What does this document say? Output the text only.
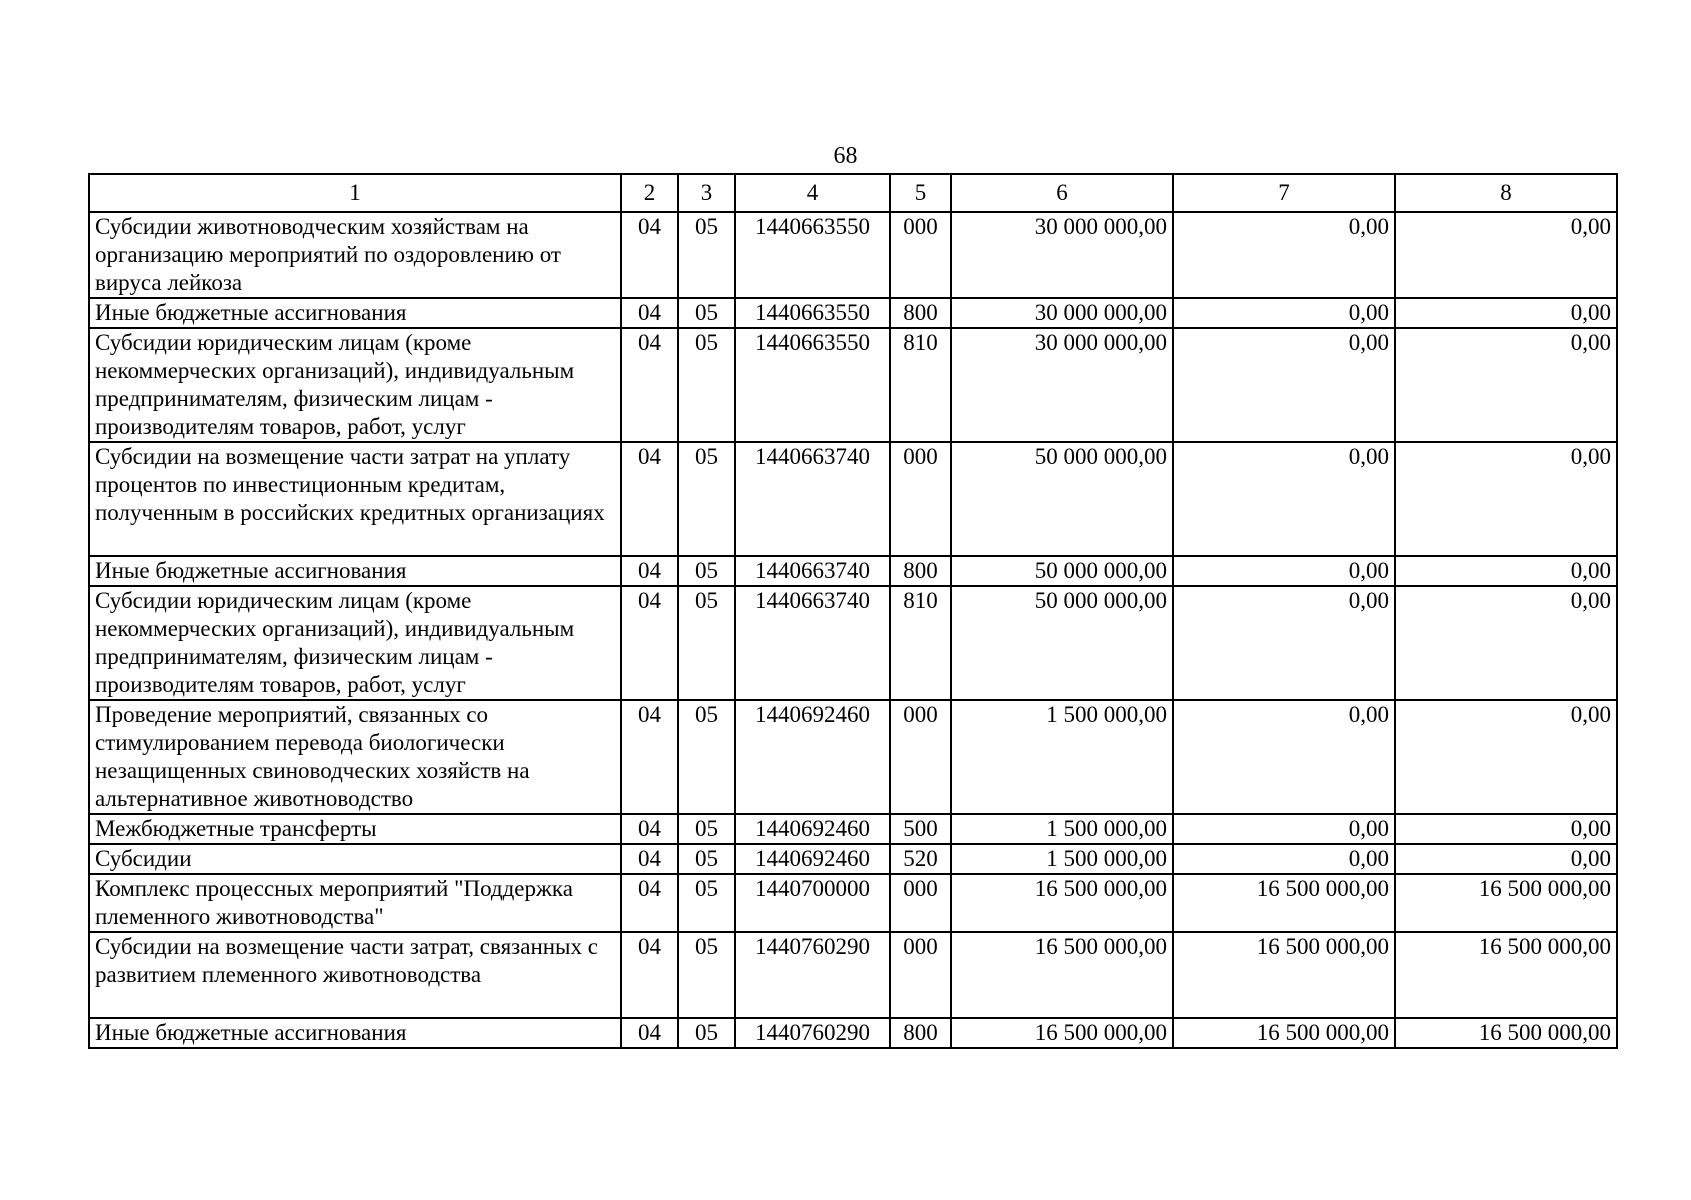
68
1	2	3	4	5	6	7	8
Субсидии животноводческим хозяйствам на организацию мероприятий по оздоровлению от вируса лейкоза	04	05	1440663550	000	30 000 000,00	0,00	0,00
Иные бюджетные ассигнования	04	05	1440663550	800	30 000 000,00	0,00	0,00
Субсидии юридическим лицам (кроме некоммерческих организаций), индивидуальным предпринимателям, физическим лицам - производителям товаров, работ, услуг	04	05	1440663550	810	30 000 000,00	0,00	0,00
Субсидии на возмещение части затрат на уплату процентов по инвестиционным кредитам, полученным в российских кредитных организациях	04	05	1440663740	000	50 000 000,00	0,00	0,00
Иные бюджетные ассигнования	04	05	1440663740	800	50 000 000,00	0,00	0,00
Субсидии юридическим лицам (кроме некоммерческих организаций), индивидуальным предпринимателям, физическим лицам - производителям товаров, работ, услуг	04	05	1440663740	810	50 000 000,00	0,00	0,00
Проведение мероприятий, связанных со стимулированием перевода биологически незащищенных свиноводческих хозяйств на альтернативное животноводство	04	05	1440692460	000	1 500 000,00	0,00	0,00
Межбюджетные трансферты	04	05	1440692460	500	1 500 000,00	0,00	0,00
Субсидии	04	05	1440692460	520	1 500 000,00	0,00	0,00
Комплекс процессных мероприятий "Поддержка племенного животноводства"	04	05	1440700000	000	16 500 000,00	16 500 000,00	16 500 000,00
Субсидии на возмещение части затрат, связанных с развитием племенного животноводства	04	05	1440760290	000	16 500 000,00	16 500 000,00	16 500 000,00
Иные бюджетные ассигнования	04	05	1440760290	800	16 500 000,00	16 500 000,00	16 500 000,00
